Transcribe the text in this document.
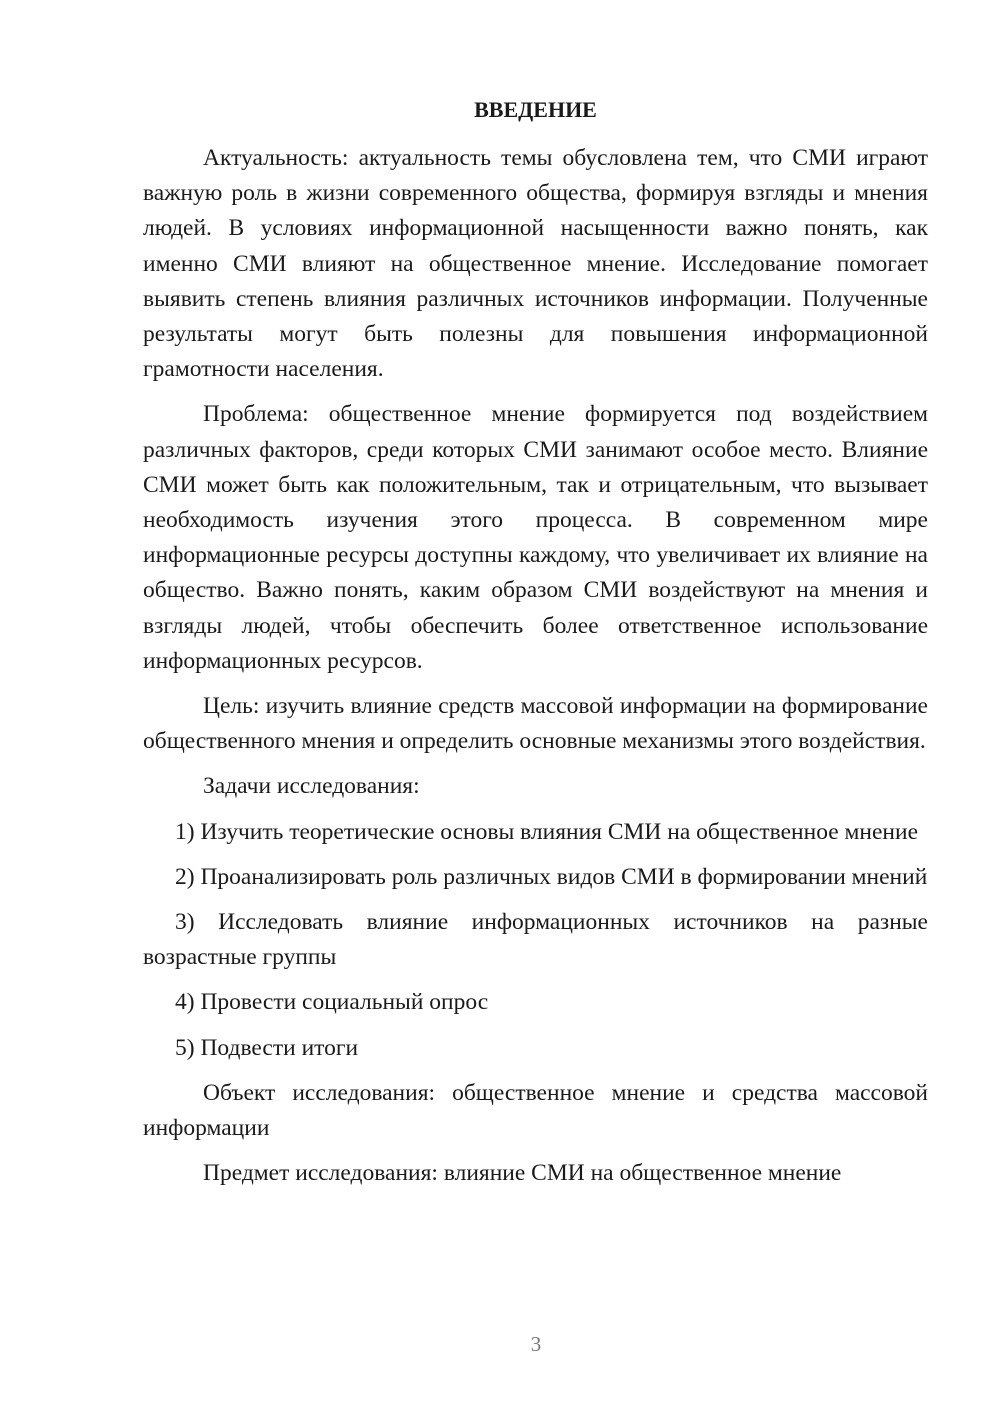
ВВЕДЕНИЕ

Актуальность: актуальность темы обусловлена тем, что СМИ играют важную роль в жизни современного общества, формируя взгляды и мнения людей. В условиях информационной насыщенности важно понять, как именно СМИ влияют на общественное мнение. Исследование помогает выявить степень влияния различных источников информации. Полученные результаты могут быть полезны для повышения информационной грамотности населения.

Проблема: общественное мнение формируется под воздействием различных факторов, среди которых СМИ занимают особое место. Влияние СМИ может быть как положительным, так и отрицательным, что вызывает необходимость изучения этого процесса. В современном мире информационные ресурсы доступны каждому, что увеличивает их влияние на общество. Важно понять, каким образом СМИ воздействуют на мнения и взгляды людей, чтобы обеспечить более ответственное использование информационных ресурсов.

Цель: изучить влияние средств массовой информации на формирование общественного мнения и определить основные механизмы этого воздействия.

Задачи исследования:

1) Изучить теоретические основы влияния СМИ на общественное мнение

2) Проанализировать роль различных видов СМИ в формировании мнений

3) Исследовать влияние информационных источников на разные возрастные группы

4) Провести социальный опрос

5) Подвести итоги

Объект исследования: общественное мнение и средства массовой информации

Предмет исследования: влияние СМИ на общественное мнение

3
